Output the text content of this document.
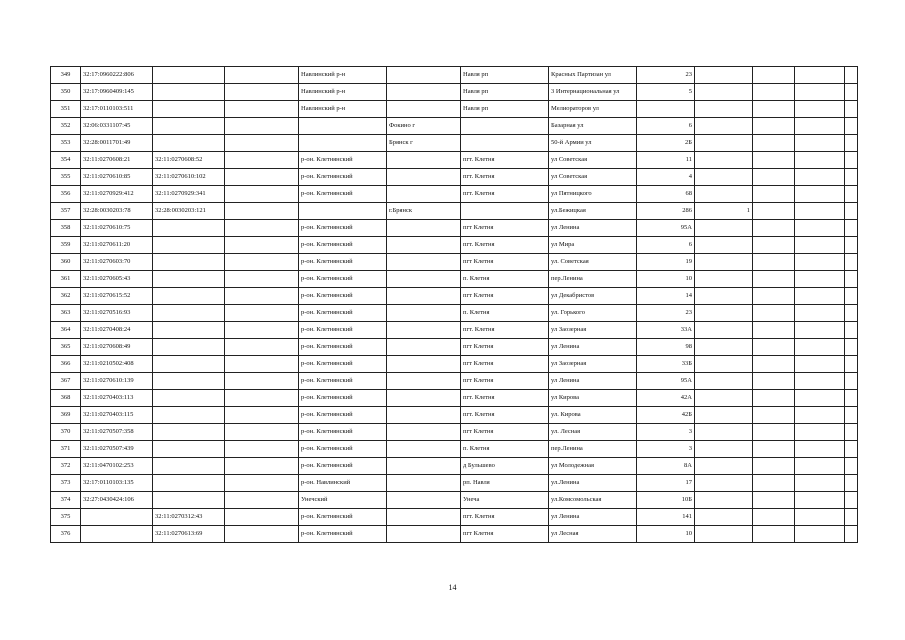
349	32:17:0960222:806			Навлинский р-н		Навля рп	Красных Партизан ул	23				
350	32:17:0960409:145			Навлинский р-н		Навля рп	3 Интернациональная ул	5				
351	32:17:0110103:511			Навлинский р-н		Навля рп	Мелиораторов ул					
352	32:06:0331107:45				Фокино г		Базарная ул	6				
353	32:28:0011701:49				Брянск г		50-й Армии ул	2Б				
354	32:11:0270608:21	32:11:0270608:52		р-он. Клетнянский		пгт. Клетня	ул Советская	11				
355	32:11:0270610:85	32:11:0270610:102		р-он. Клетнянский		пгт. Клетня	ул Советская	4				
356	32:11:0270929:412	32:11:0270929:341		р-он. Клетнянский		пгт. Клетня	ул Пятницкого	68				
357	32:28:0030203:78	32:28:0030203:121			г.Брянск		ул.Бежицкая	286	1			
358	32:11:0270610:75			р-он. Клетнянский		пгт Клетня	ул Ленина	95А				
359	32:11:0270611:20			р-он. Клетнянский		пгт. Клетня	ул Мира	6				
360	32:11:0270603:70			р-он. Клетнянский		пгт Клетня	ул. Советская	19				
361	32:11:0270605:43			р-он. Клетнянский		п. Клетня	пер.Ленина	10				
362	32:11:0270615:52			р-он. Клетнянский		пгт Клетня	ул Декабристов	14				
363	32:11:0270516:93			р-он. Клетнянский		п. Клетня	ул. Горького	23				
364	32:11:0270408:24			р-он. Клетнянский		пгт. Клетня	ул Заозерная	33А				
365	32:11:0270608:49			р-он. Клетнянский		пгт Клетня	ул Ленина	98				
366	32:11:0210502:408			р-он. Клетнянский		пгт Клетня	ул Заозерная	33Б				
367	32:11:0270610:139			р-он. Клетнянский		пгт Клетня	ул Ленина	95А				
368	32:11:0270403:113			р-он. Клетнянский		пгт. Клетня	ул Кирова	42А				
369	32:11:0270403:115			р-он. Клетнянский		пгт. Клетня	ул. Кирова	42Б				
370	32:11:0270507:358			р-он. Клетнянский		пгт Клетня	ул. Лесная	3				
371	32:11:0270507:439			р-он. Клетнянский		п. Клетня	пер.Ленина	3				
372	32:11:0470102:253			р-он. Клетнянский		д Бульшево	ул Молодежная	8А				
373	32:17:0110103:135			р-он. Навлинский		рп. Навля	ул.Ленина	17				
374	32:27:0430424:106			Унечский		Унеча	ул.Комсомольская	10Б				
375		32:11:0270312:43		р-он. Клетнянский		пгт. Клетня	ул Ленина	141				
376		32:11:0270613:69		р-он. Клетнянский		пгт Клетня	ул Лесная	10				
14
